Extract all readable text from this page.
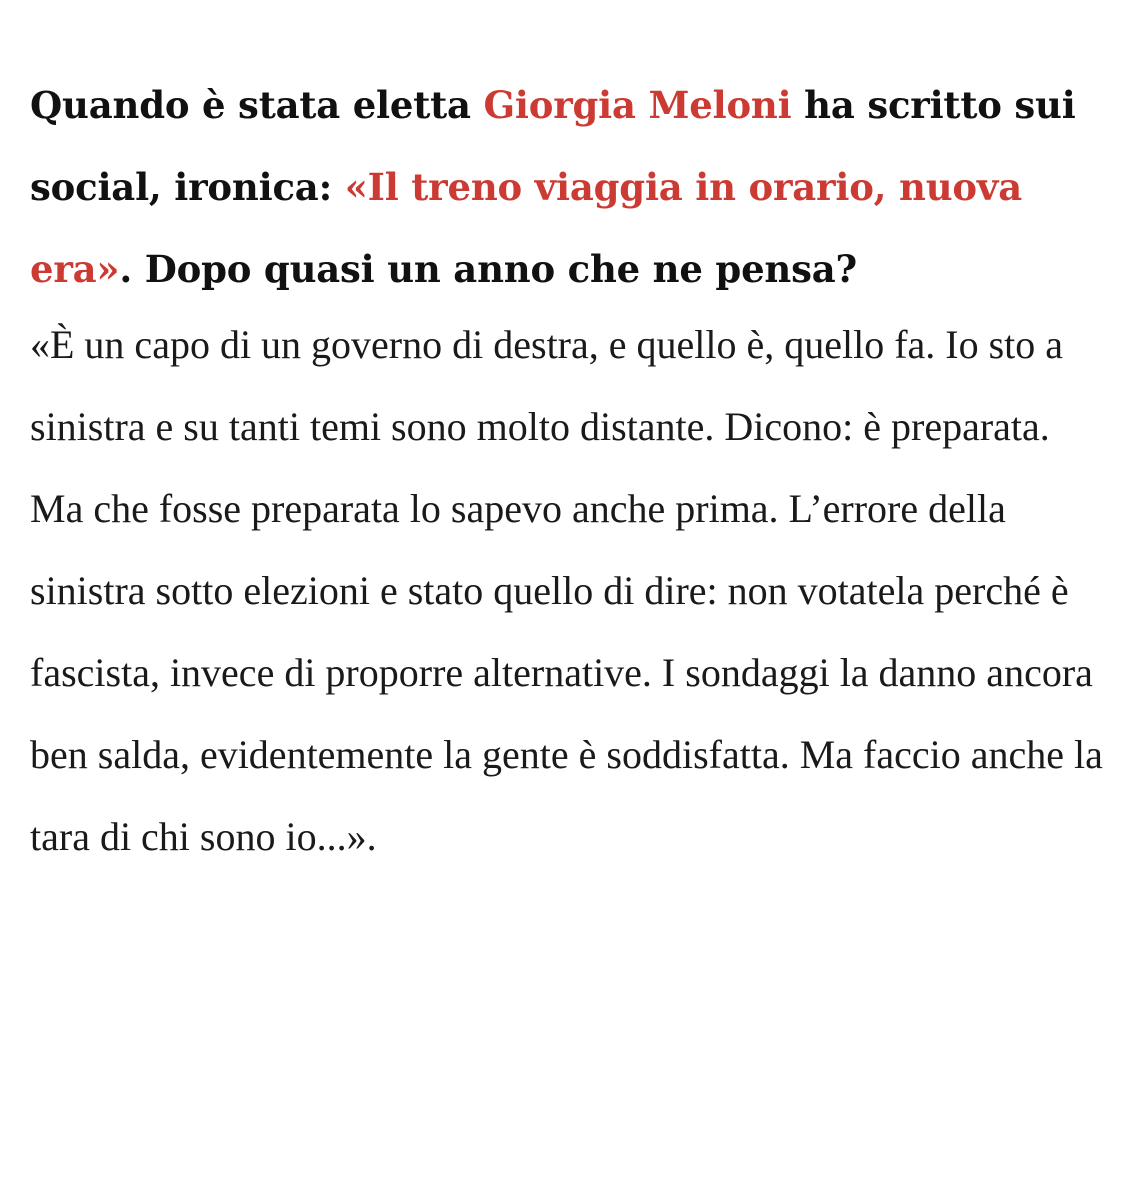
Quando è stata eletta Giorgia Meloni ha scritto sui social, ironica: «Il treno viaggia in orario, nuova era». Dopo quasi un anno che ne pensa?

«È un capo di un governo di destra, e quello è, quello fa. Io sto a sinistra e su tanti temi sono molto distante. Dicono: è preparata. Ma che fosse preparata lo sapevo anche prima. L’errore della sinistra sotto elezioni e stato quello di dire: non votatela perché è fascista, invece di proporre alternative. I sondaggi la danno ancora ben salda, evidentemente la gente è soddisfatta. Ma faccio anche la tara di chi sono io...».
